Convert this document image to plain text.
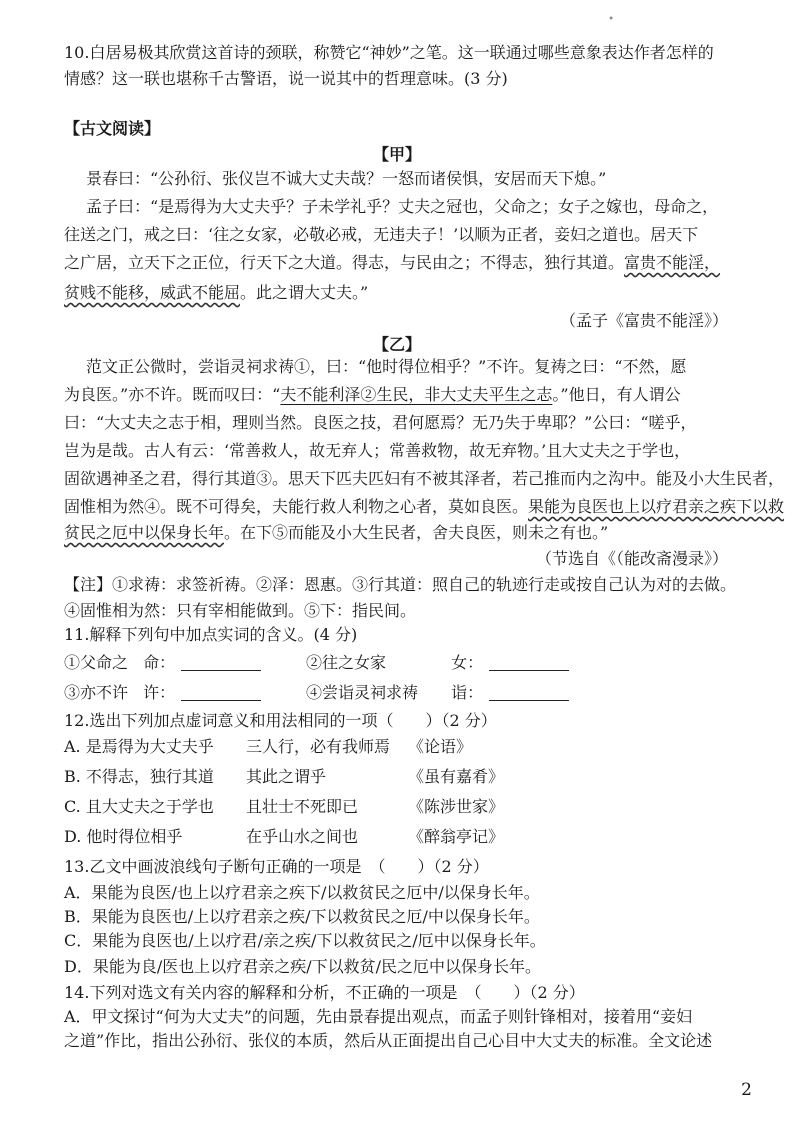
•
10.白居易极其欣赏这首诗的颈联，称赞它“神妙”之笔。这一联通过哪些意象表达作者怎样的
情感？这一联也堪称千古警语，说一说其中的哲理意味。(3 分)
【古文阅读】
【甲】
景春曰：“公孙衍、张仪岂不诚大丈夫哉？一怒而诸侯惧，安居而天下熄。”
孟子曰：“是焉得为大丈夫乎？子未学礼乎？丈夫之冠也，父命之；女子之嫁也，母命之，
往送之门，戒之曰：‘往之女家，必敬必戒，无违夫子！’以顺为正者，妾妇之道也。居天下
之广居，立天下之正位，行天下之大道。得志，与民由之；不得志，独行其道。富贵不能淫，
贫贱不能移，威武不能屈。此之谓大丈夫。”
（孟子《富贵不能淫》）
【乙】
范文正公微时，尝诣灵祠求祷①，曰：“他时得位相乎？”不许。复祷之曰：“不然，愿
为良医。”亦不许。既而叹曰：“夫不能利泽②生民，非大丈夫平生之志。”他日，有人谓公
曰：“大丈夫之志于相，理则当然。良医之技，君何愿焉？无乃失于卑耶？”公曰：“嗟乎，
岂为是哉。古人有云：‘常善救人，故无弃人；常善救物，故无弃物。’且大丈夫之于学也，
固欲遇神圣之君，得行其道③。思天下匹夫匹妇有不被其泽者，若己推而内之沟中。能及小大生民者，
固惟相为然④。既不可得矣，夫能行救人利物之心者，莫如良医。果能为良医也上以疗君亲之疾下以救
贫民之厄中以保身长年。在下⑤而能及小大生民者，舍夫良医，则未之有也。”
（节选自《（能改斋漫录》）
【注】①求祷：求签祈祷。②泽：恩惠。③行其道：照自己的轨迹行走或按自己认为对的去做。
④固惟相为然：只有宰相能做到。⑤下：指民间。
11.解释下列句中加点实词的含义。(4 分)
①父命之 命：	②往之女家	女：
③亦不许 许：	④尝诣灵祠求祷 诣：
12.选出下列加点虚词意义和用法相同的一项（　　）（2 分）
A. 是焉得为大丈夫乎 三人行，必有我师焉 《论语》
B. 不得志，独行其道 其此之谓乎	《虽有嘉肴》
C. 且大丈夫之于学也 且壮士不死即已	《陈涉世家》
D. 他时得位相乎	在乎山水之间也	《醉翁亭记》
13.乙文中画波浪线句子断句正确的一项是　（　　）（2 分）
A．果能为良医/也上以疗君亲之疾下/以救贫民之厄中/以保身长年。
B．果能为良医也/上以疗君亲之疾/下以救贫民之厄/中以保身长年。
C．果能为良医也/上以疗君/亲之疾/下以救贫民之/厄中以保身长年。
D．果能为良/医也上以疗君亲之疾/下以救贫/民之厄中以保身长年。
14.下列对选文有关内容的解释和分析，不正确的一项是　（　　）（2 分）
A．甲文探讨“何为大丈夫”的问题，先由景春提出观点，而孟子则针锋相对，接着用“妾妇
之道”作比，指出公孙衍、张仪的本质，然后从正面提出自己心目中大丈夫的标准。全文论述
2
